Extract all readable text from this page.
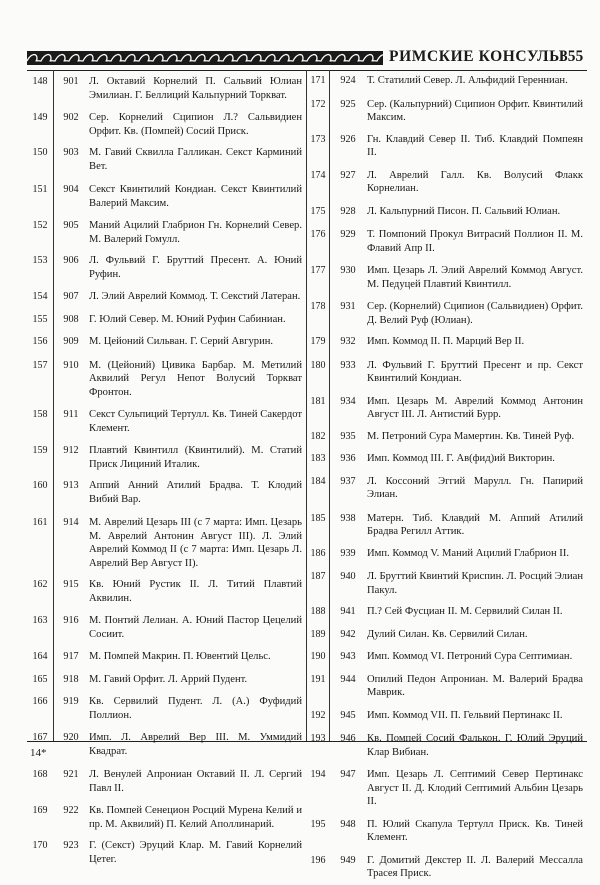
РИМСКИЕ КОНСУЛЫ
355
148	901 Л. Октавий Корнелий П. Сальвий Юлиан Эмилиан. Г. Беллиций Кальпурний Торкват.
149	902 Сер. Корнелий Сципион Л.? Сальвидиен Орфит. Кв. (Помпей) Сосий Приск.
150	903 М. Гавий Сквилла Галликан. Секст Карминий Вет.
151	904 Секст Квинтилий Кондиан. Секст Квинтилий Валерий Максим.
152	905 Маний Ацилий Глабрион Гн. Корнелий Север. М. Валерий Гомулл.
153	906 Л. Фульвий Г. Бруттий Пресент. А. Юний Руфин.
154	907 Л. Элий Аврелий Коммод. Т. Секстий Латеран.
155	908 Г. Юлий Север. М. Юний Руфин Сабиниан.
156	909 М. Цейоний Сильван. Г. Серий Авгурин.
157	910 М. (Цейоний) Цивика Барбар. М. Метилий Аквилий Регул Непот Волусий Торкват Фронтон.
158	911 Секст Сульпиций Тертулл. Кв. Тиней Сакердот Клемент.
159	912 Плавтий Квинтилл (Квинтилий). М. Статий Приск Лициний Италик.
160	913 Аппий Анний Атилий Брадва. Т. Клодий Вибий Вар.
161	914 М. Аврелий Цезарь III (с 7 марта: Имп. Цезарь М. Аврелий Антонин Август III). Л. Элий Аврелий Коммод II (с 7 марта: Имп. Цезарь Л. Аврелий Вер Август II).
162	915 Кв. Юний Рустик II. Л. Титий Плавтий Аквилин.
163	916 М. Понтий Лелиан. А. Юний Пастор Цецелий Сосиит.
164	917 М. Помпей Макрин. П. Ювентий Цельс.
165	918 М. Гавий Орфит. Л. Аррий Пудент.
166	919 Кв. Сервилий Пудент. Л. (А.) Фуфидий Поллион.
167	920 Имп. Л. Аврелий Вер III. М. Уммидий Квадрат.
168	921 Л. Венулей Апрониан Октавий II. Л. Сергий Павл II.
169	922 Кв. Помпей Сенецион Росций Мурена Келий и пр. М. Аквилий) П. Келий Аполлинарий.
170	923 Г. (Секст) Эруций Клар. М. Гавий Корнелий Цетег.
171	924	Т. Статилий Север. Л. Альфидий Геренниан.
172	925	Сер. (Кальпурний) Сципион Орфит. Квинтилий Максим.
173	926	Гн. Клавдий Север II. Тиб. Клавдий Помпеян II.
174	927	Л. Аврелий Галл. Кв. Волусий Флакк Корнелиан.
175	928	Л. Кальпурний Писон. П. Сальвий Юлиан.
176	929	Т. Помпоний Прокул Витрасий Поллион II. М. Флавий Апр II.
177	930	Имп. Цезарь Л. Элий Аврелий Коммод Август. М. Педуцей Плавтий Квинтилл.
178	931	Сер. (Корнелий) Сципион (Сальвидиен) Орфит. Д. Велий Руф (Юлиан).
179	932	Имп. Коммод II. П. Марций Вер II.
180	933	Л. Фульвий Г. Бруттий Пресент и пр. Секст Квинтилий Кондиан.
181	934	Имп. Цезарь М. Аврелий Коммод Антонин Август III. Л. Антистий Бурр.
182	935	М. Петроний Сура Мамертин. Кв. Тиней Руф.
183	936	Имп. Коммод III. Г. Ав(фид)ий Викторин.
184	937	Л. Коссоний Эггий Марулл. Гн. Папирий Элиан.
185	938	Матерн. Тиб. Клавдий М. Аппий Атилий Брадва Регилл Аттик.
186	939	Имп. Коммод V. Маний Ацилий Глабрион II.
187	940	Л. Бруттий Квинтий Криспин. Л. Росций Элиан Пакул.
188	941	П.? Сей Фусциан II. М. Сервилий Силан II.
189	942	Дулий Силан. Кв. Сервилий Силан.
190	943	Имп. Коммод VI. Петроний Сура Септимиан.
191	944	Опилий Педон Апрониан. М. Валерий Брадва Маврик.
192	945	Имп. Коммод VII. П. Гельвий Пертинакс II.
193	946	Кв. Помпей Сосий Фалькон. Г. Юлий Эруций Клар Вибиан.
194	947	Имп. Цезарь Л. Септимий Север Пертинакс Август II. Д. Клодий Септимий Альбин Цезарь II.
195	948	П. Юлий Скапула Тертулл Приск. Кв. Тиней Клемент.
196	949	Г. Домитий Декстер II. Л. Валерий Мессалла Трасея Приск.
14*
